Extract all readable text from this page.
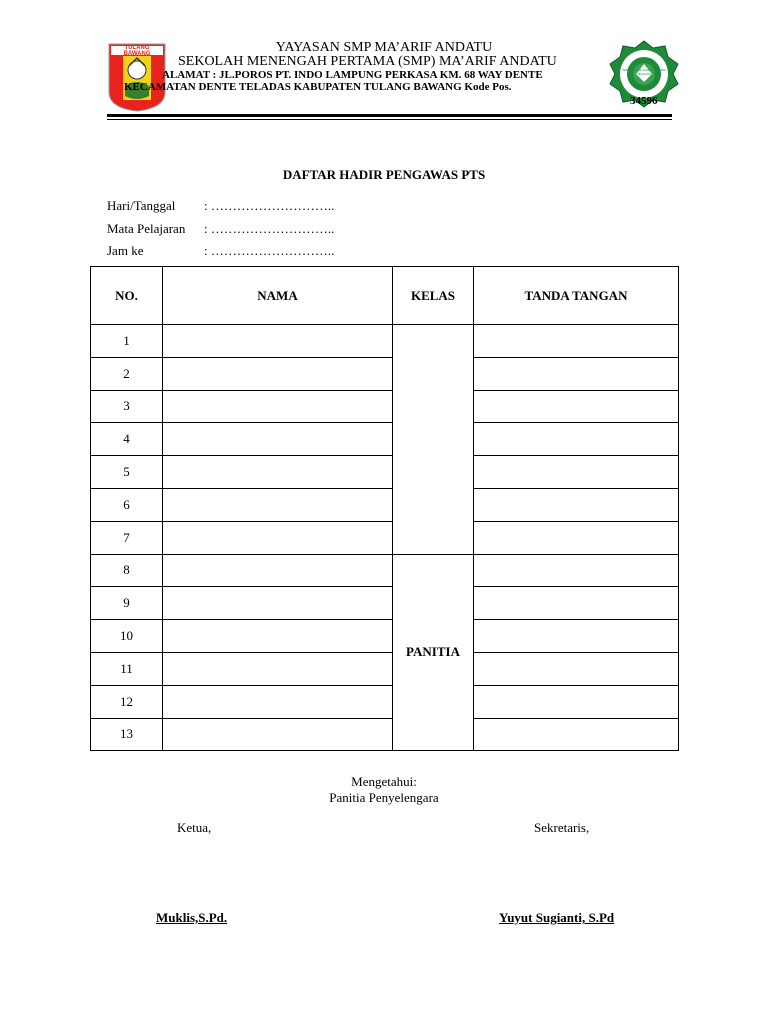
TULANG BAWANG
SMP MA'ARIF ANDATU DENTE TELADAS
YAYASAN SMP MA’ARIF ANDATU
SEKOLAH MENENGAH PERTAMA (SMP) MA’ARIF ANDATU
ALAMAT : JL.POROS PT. INDO LAMPUNG PERKASA KM. 68 WAY DENTE
KECAMATAN DENTE TELADAS KABUPATEN TULANG BAWANG Kode Pos.
34596
DAFTAR HADIR PENGAWAS PTS
Hari/Tanggal : ………………………..
Mata Pelajaran : ………………………..
Jam ke	: ………………………..
NO.	NAMA	KELAS	TANDA TANGAN
1			
2			
3			
4			
5			
6			
7			
8		PANITIA	
9			
10			
11			
12			
13			
Mengetahui:
Panitia Penyelengara
Ketua,	Sekretaris,
Muklis,S.Pd.	Yuyut Sugianti, S.Pd
